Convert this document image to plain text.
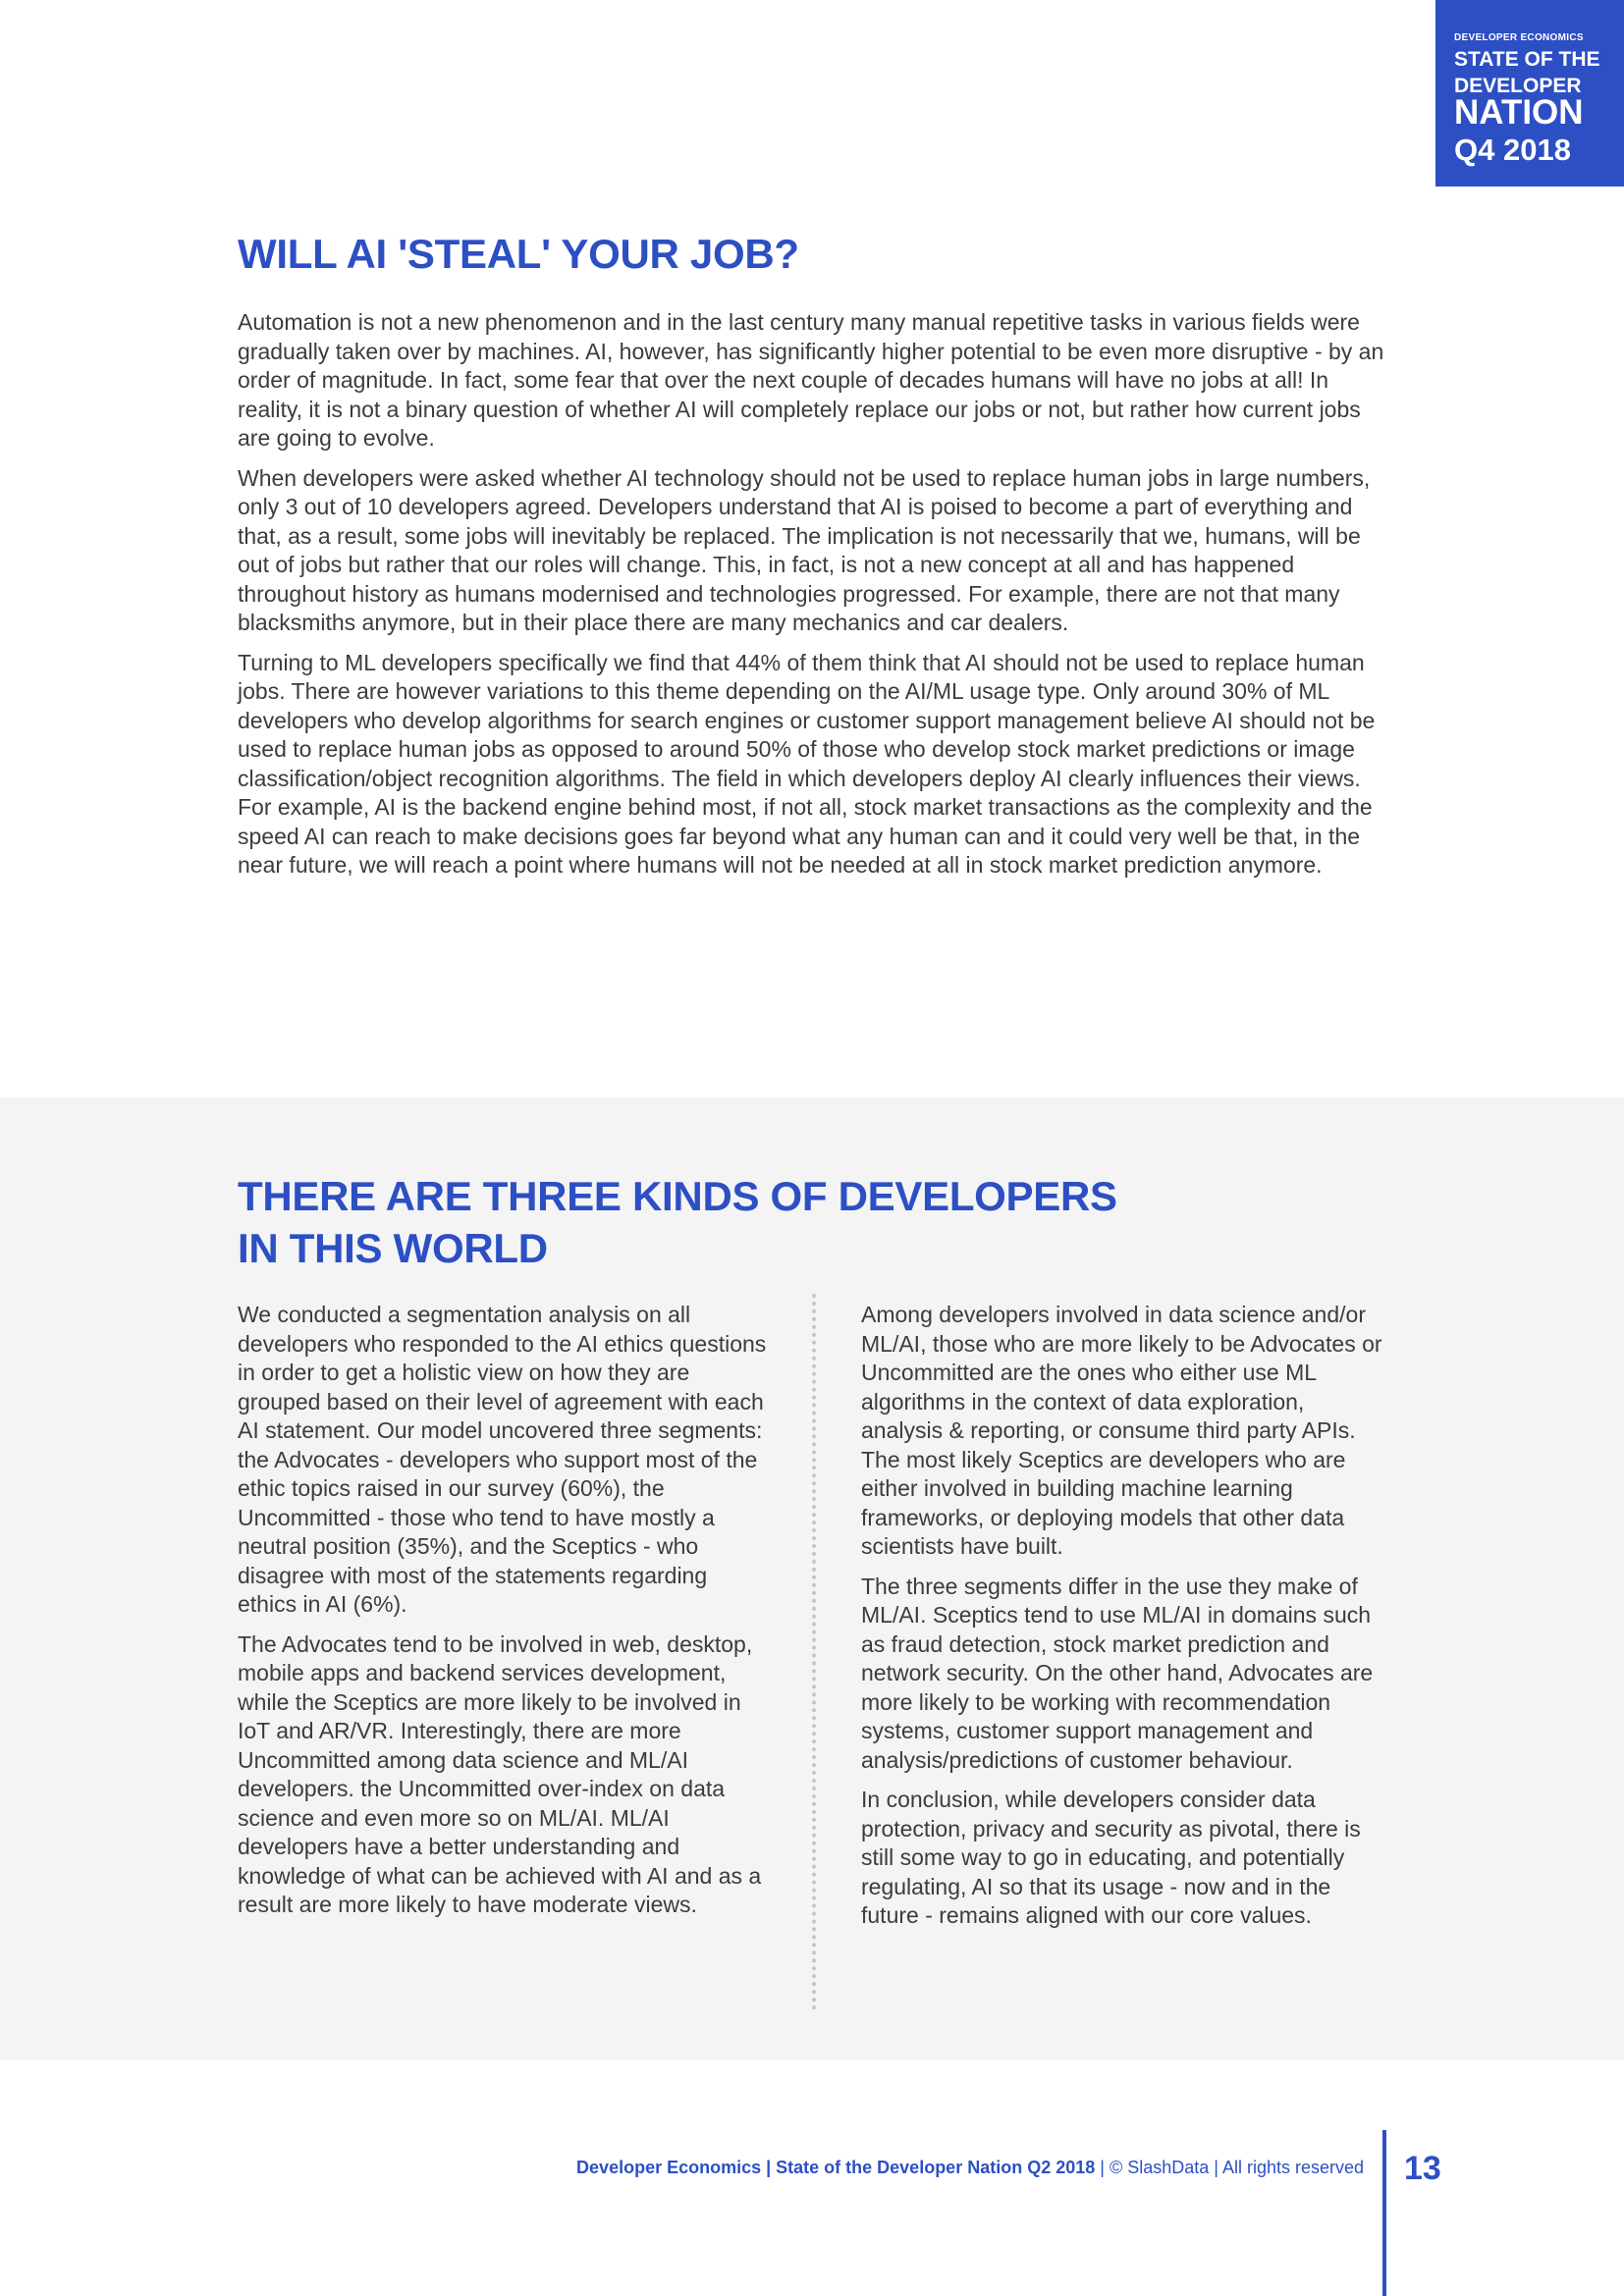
DEVELOPER ECONOMICS
STATE OF THE
DEVELOPER
NATION
Q4 2018
WILL AI 'STEAL' YOUR JOB?

Automation is not a new phenomenon and in the last century many manual repetitive tasks in various fields were gradually taken over by machines. AI, however, has significantly higher potential to be even more disruptive - by an order of magnitude. In fact, some fear that over the next couple of decades humans will have no jobs at all! In reality, it is not a binary question of whether AI will completely replace our jobs or not, but rather how current jobs are going to evolve.

When developers were asked whether AI technology should not be used to replace human jobs in large numbers, only 3 out of 10 developers agreed. Developers understand that AI is poised to become a part of everything and that, as a result, some jobs will inevitably be replaced. The implication is not necessarily that we, humans, will be out of jobs but rather that our roles will change. This, in fact, is not a new concept at all and has happened throughout history as humans modernised and technologies progressed. For example, there are not that many blacksmiths anymore, but in their place there are many mechanics and car dealers.

Turning to ML developers specifically we find that 44% of them think that AI should not be used to replace human jobs. There are however variations to this theme depending on the AI/ML usage type. Only around 30% of ML developers who develop algorithms for search engines or customer support management believe AI should not be used to replace human jobs as opposed to around 50% of those who develop stock market predictions or image classification/object recognition algorithms. The field in which developers deploy AI clearly influences their views. For example, AI is the backend engine behind most, if not all, stock market transactions as the complexity and the speed AI can reach to make decisions goes far beyond what any human can and it could very well be that, in the near future, we will reach a point where humans will not be needed at all in stock market prediction anymore.

THERE ARE THREE KINDS OF DEVELOPERS
IN THIS WORLD

We conducted a segmentation analysis on all developers who responded to the AI ethics questions in order to get a holistic view on how they are grouped based on their level of agreement with each AI statement. Our model uncovered three segments: the Advocates - developers who support most of the ethic topics raised in our survey (60%), the Uncommitted - those who tend to have mostly a neutral position (35%), and the Sceptics - who disagree with most of the statements regarding ethics in AI (6%).

The Advocates tend to be involved in web, desktop, mobile apps and backend services development, while the Sceptics are more likely to be involved in IoT and AR/VR. Interestingly, there are more Uncommitted among data science and ML/AI developers. the Uncommitted over-index on data science and even more so on ML/AI. ML/AI developers have a better understanding and knowledge of what can be achieved with AI and as a result are more likely to have moderate views.

Among developers involved in data science and/or ML/AI, those who are more likely to be Advocates or Uncommitted are the ones who either use ML algorithms in the context of data exploration, analysis & reporting, or consume third party APIs. The most likely Sceptics are developers who are either involved in building machine learning frameworks, or deploying models that other data scientists have built.

The three segments differ in the use they make of ML/AI. Sceptics tend to use ML/AI in domains such as fraud detection, stock market prediction and network security. On the other hand, Advocates are more likely to be working with recommendation systems, customer support management and analysis/predictions of customer behaviour.

In conclusion, while developers consider data protection, privacy and security as pivotal, there is still some way to go in educating, and potentially regulating, AI so that its usage - now and in the future - remains aligned with our core values.

Developer Economics | State of the Developer Nation Q2 2018 | © SlashData | All rights reserved 13
